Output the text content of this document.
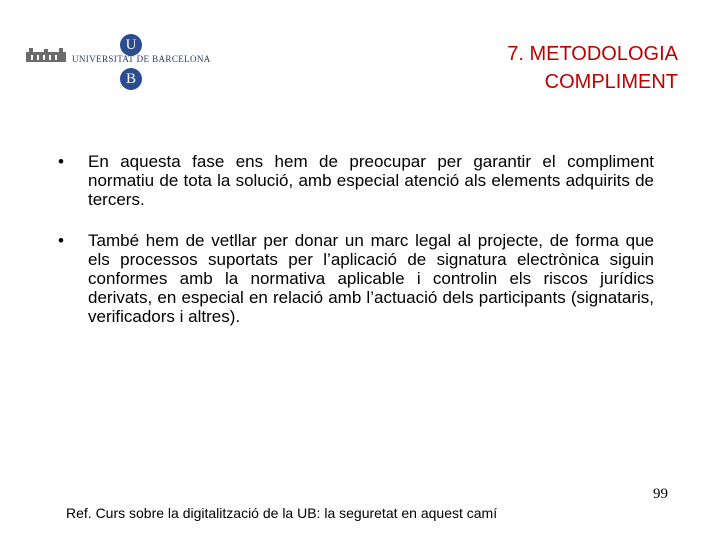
U
UNIVERSITAT DE BARCELONA
B
7. METODOLOGIA
COMPLIMENT
• En aquesta fase ens hem de preocupar per garantir el compliment normatiu de tota la solució, amb especial atenció als elements adquirits de tercers.
• També hem de vetllar per donar un marc legal al projecte, de forma que els processos suportats per l’aplicació de signatura electrònica siguin conformes amb la normativa aplicable i controlin els riscos jurídics derivats, en especial en relació amb l’actuació dels participants (signataris, verificadors i altres).
99
Ref. Curs sobre la digitalització de la UB: la seguretat en aquest camí
